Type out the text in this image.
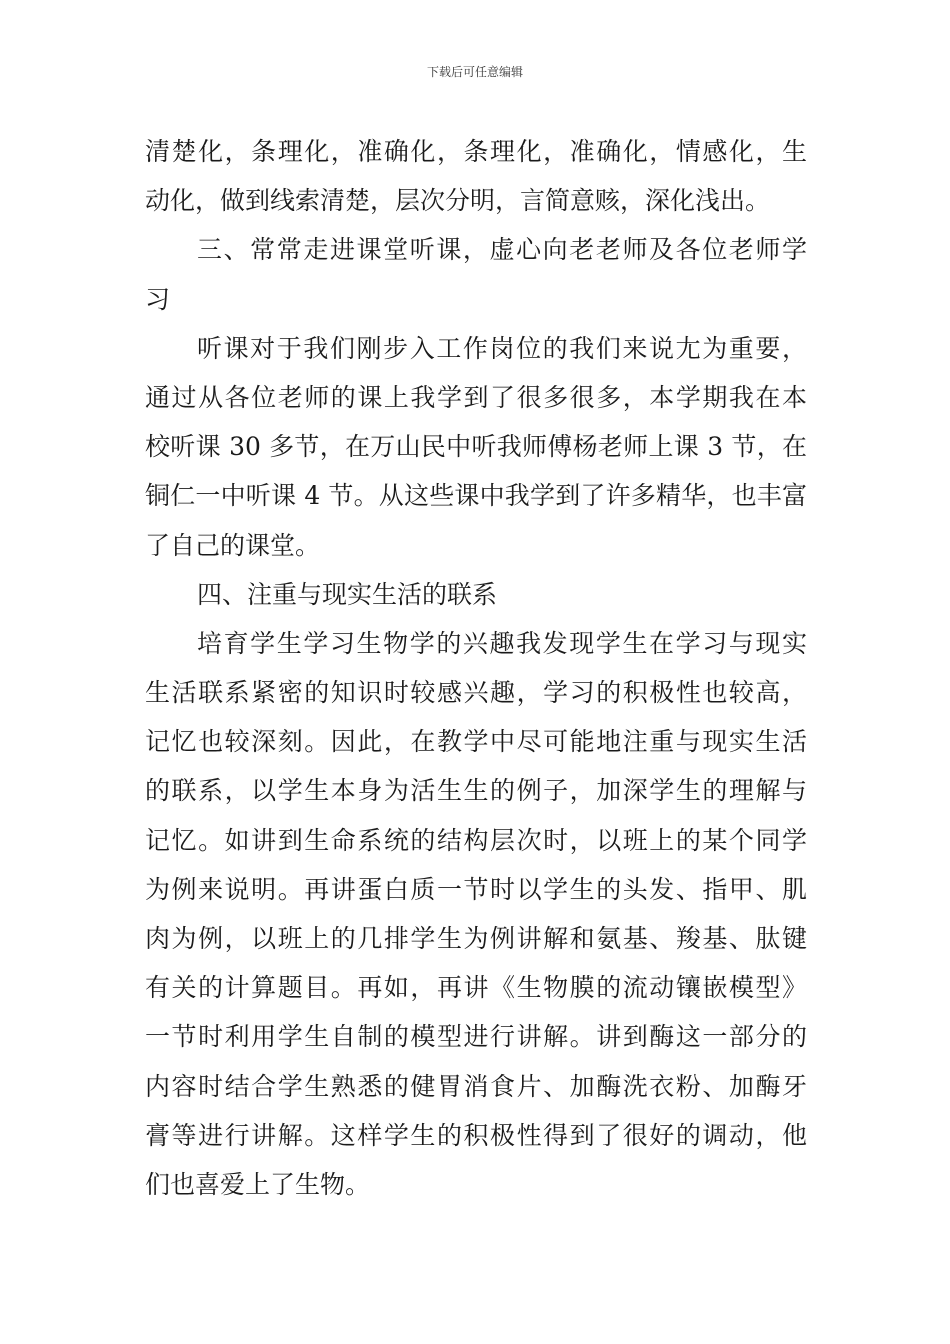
下载后可任意编辑
清楚化，条理化，准确化，条理化，准确化，情感化，生
动化，做到线索清楚，层次分明，言简意赅，深化浅出。
三、常常走进课堂听课，虚心向老老师及各位老师学
习
听课对于我们刚步入工作岗位的我们来说尢为重要，
通过从各位老师的课上我学到了很多很多，本学期我在本
校听课 30 多节，在万山民中听我师傅杨老师上课 3 节，在
铜仁一中听课 4 节。从这些课中我学到了许多精华，也丰富
了自己的课堂。
四、注重与现实生活的联系
培育学生学习生物学的兴趣我发现学生在学习与现实
生活联系紧密的知识时较感兴趣，学习的积极性也较高，
记忆也较深刻。因此，在教学中尽可能地注重与现实生活
的联系，以学生本身为活生生的例子，加深学生的理解与
记忆。如讲到生命系统的结构层次时，以班上的某个同学
为例来说明。再讲蛋白质一节时以学生的头发、指甲、肌
肉为例，以班上的几排学生为例讲解和氨基、羧基、肽键
有关的计算题目。再如，再讲《生物膜的流动镶嵌模型》
一节时利用学生自制的模型进行讲解。讲到酶这一部分的
内容时结合学生熟悉的健胃消食片、加酶洗衣粉、加酶牙
膏等进行讲解。这样学生的积极性得到了很好的调动，他
们也喜爱上了生物。
